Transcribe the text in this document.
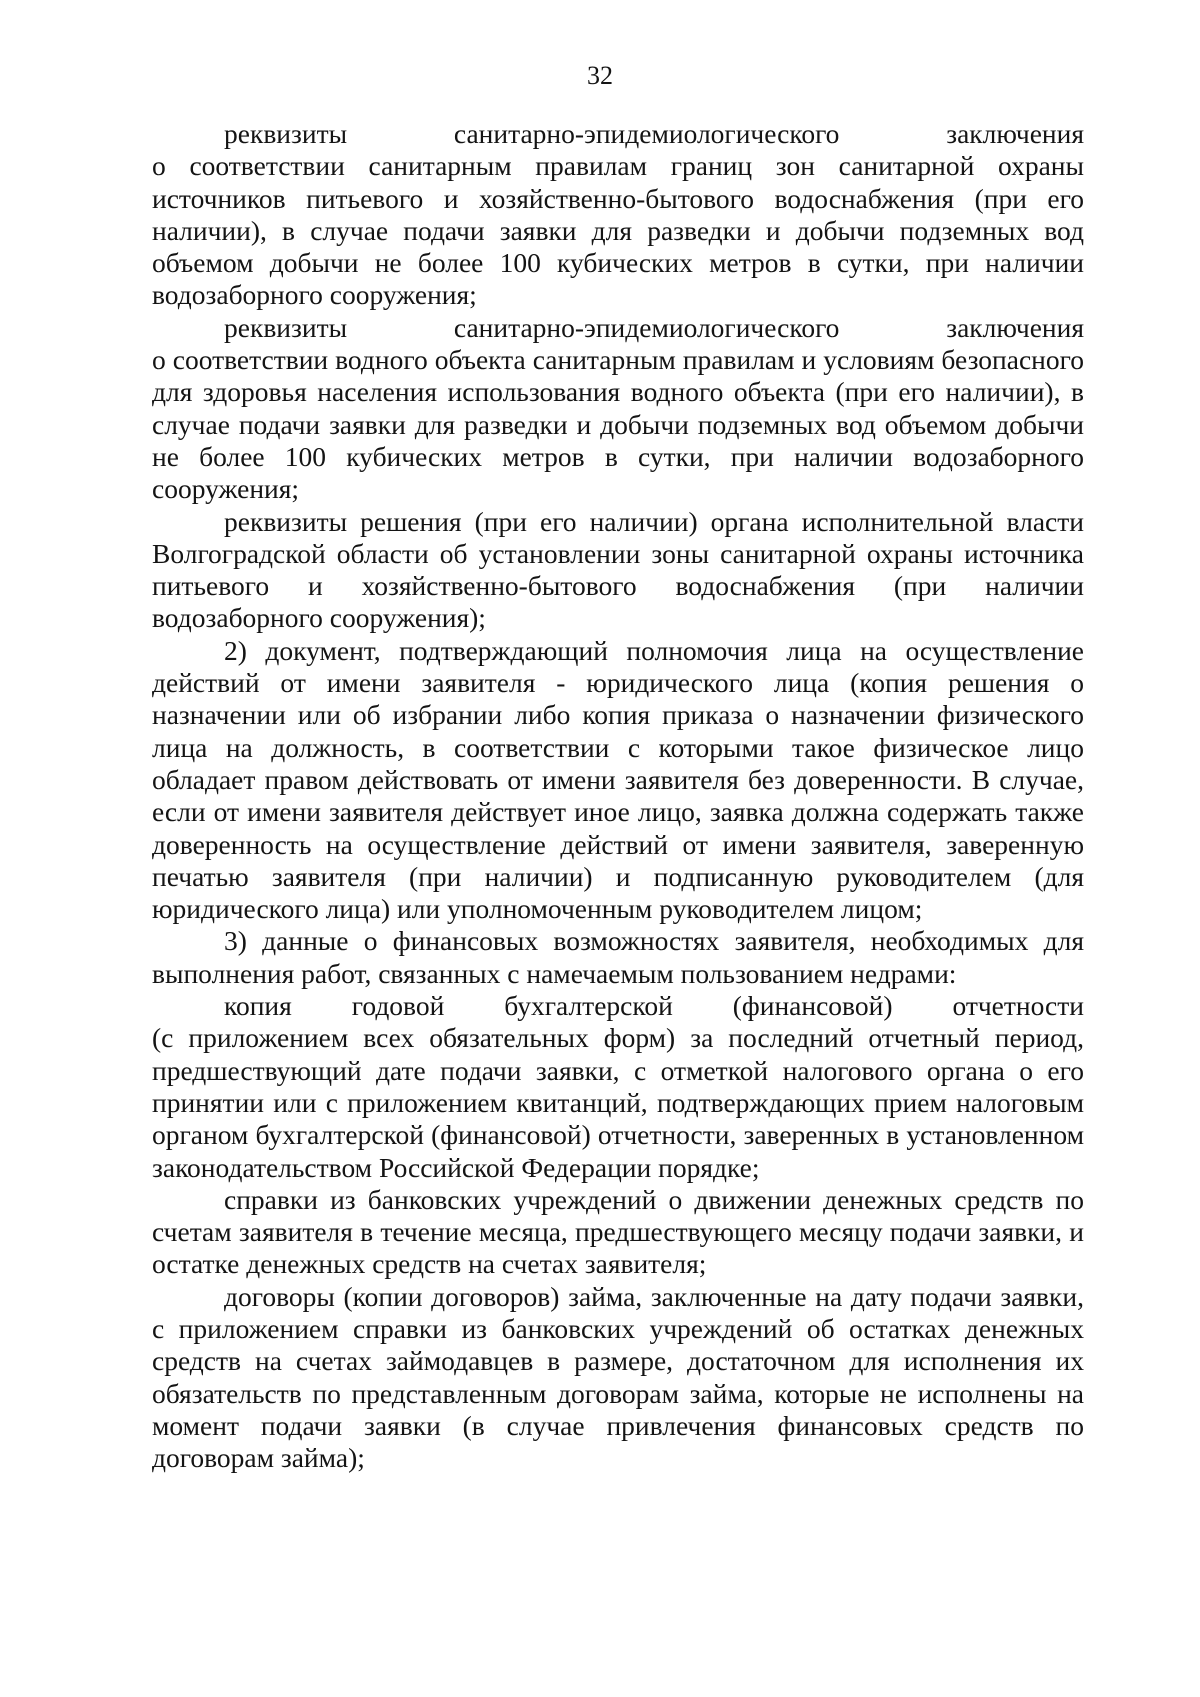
32

реквизиты санитарно-эпидемиологического заключения

о соответствии санитарным правилам границ зон санитарной охраны источников питьевого и хозяйственно-бытового водоснабжения (при его наличии), в случае подачи заявки для разведки и добычи подземных вод объемом добычи не более 100 кубических метров в сутки, при наличии водозаборного сооружения;

реквизиты санитарно-эпидемиологического заключения

о соответствии водного объекта санитарным правилам и условиям безопасного для здоровья населения использования водного объекта (при его наличии), в случае подачи заявки для разведки и добычи подземных вод объемом добычи не более 100 кубических метров в сутки, при наличии водозаборного сооружения;

реквизиты решения (при его наличии) органа исполнительной власти Волгоградской области об установлении зоны санитарной охраны источника питьевого и хозяйственно-бытового водоснабжения (при наличии водозаборного сооружения);

2) документ, подтверждающий полномочия лица на осуществление действий от имени заявителя - юридического лица (копия решения о назначении или об избрании либо копия приказа о назначении физического лица на должность, в соответствии с которыми такое физическое лицо обладает правом действовать от имени заявителя без доверенности. В случае, если от имени заявителя действует иное лицо, заявка должна содержать также доверенность на осуществление действий от имени заявителя, заверенную печатью заявителя (при наличии) и подписанную руководителем (для юридического лица) или уполномоченным руководителем лицом;

3) данные о финансовых возможностях заявителя, необходимых для выполнения работ, связанных с намечаемым пользованием недрами:

копия годовой бухгалтерской (финансовой) отчетности

(с приложением всех обязательных форм) за последний отчетный период, предшествующий дате подачи заявки, с отметкой налогового органа о его принятии или с приложением квитанций, подтверждающих прием налоговым органом бухгалтерской (финансовой) отчетности, заверенных в установленном законодательством Российской Федерации порядке;

справки из банковских учреждений о движении денежных средств по счетам заявителя в течение месяца, предшествующего месяцу подачи заявки, и остатке денежных средств на счетах заявителя;

договоры (копии договоров) займа, заключенные на дату подачи заявки, с приложением справки из банковских учреждений об остатках денежных средств на счетах займодавцев в размере, достаточном для исполнения их обязательств по представленным договорам займа, которые не исполнены на момент подачи заявки (в случае привлечения финансовых средств по договорам займа);
